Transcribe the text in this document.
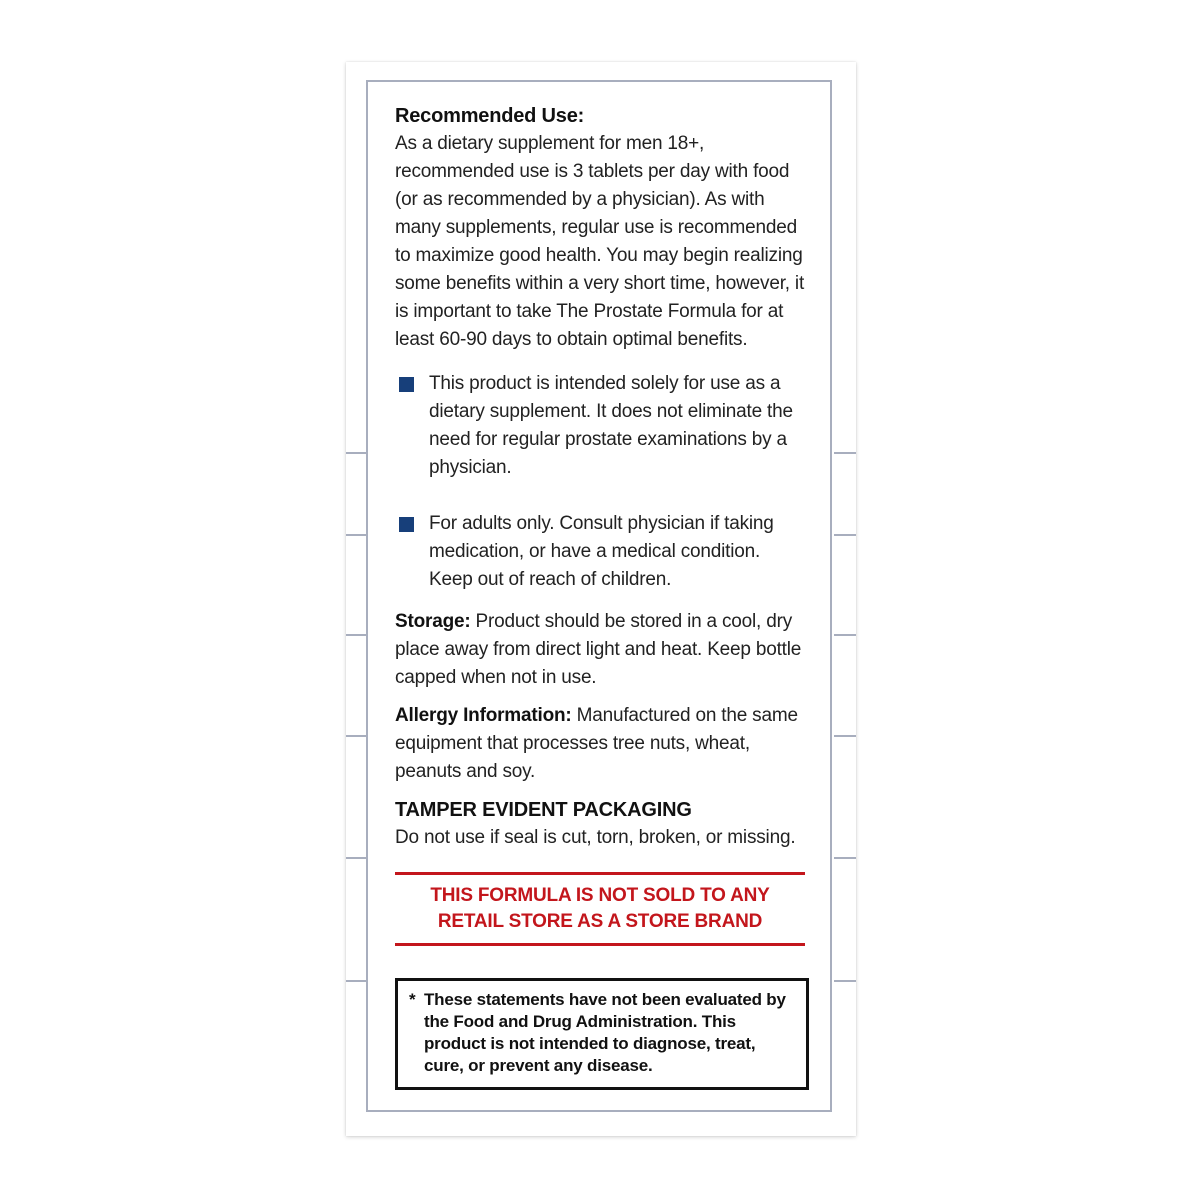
Recommended Use:

As a dietary supplement for men 18+, recommended use is 3 tablets per day with food (or as recommended by a physician). As with many supplements, regular use is recommended to maximize good health. You may begin realizing some benefits within a very short time, however, it is important to take The Prostate Formula for at least 60-90 days to obtain optimal benefits.

This product is intended solely for use as a dietary supplement. It does not eliminate the need for regular prostate examinations by a physician.
For adults only. Consult physician if taking medication, or have a medical condition. Keep out of reach of children.

Storage: Product should be stored in a cool, dry place away from direct light and heat. Keep bottle capped when not in use.

Allergy Information: Manufactured on the same equipment that processes tree nuts, wheat, peanuts and soy.

TAMPER EVIDENT PACKAGING

Do not use if seal is cut, torn, broken, or missing.

THIS FORMULA IS NOT SOLD TO ANY
RETAIL STORE AS A STORE BRAND
* These statements have not been evaluated by the Food and Drug Administration. This product is not intended to diagnose, treat, cure, or prevent any disease.
